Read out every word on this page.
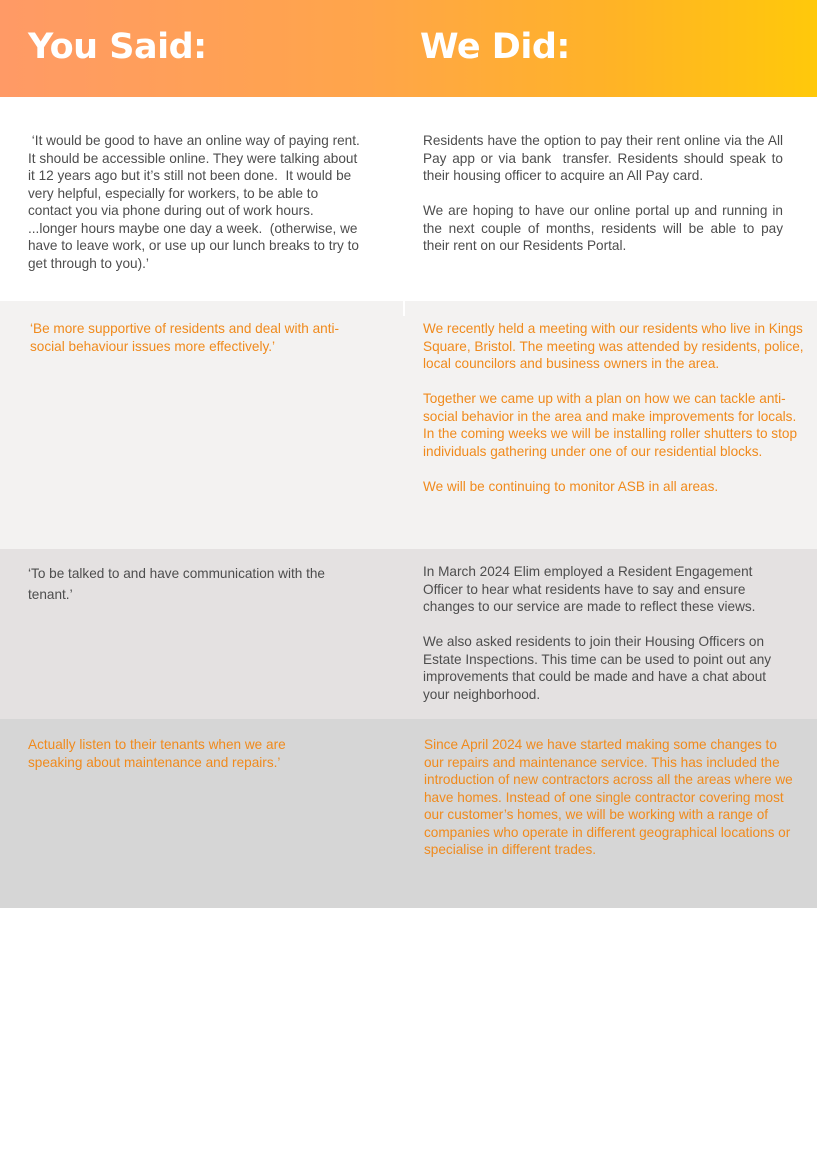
You Said:	We Did:

‘It would be good to have an online way of paying rent.  It should be accessible online. They were talking about it 12 years ago but it’s still not been done.  It would be very helpful, especially for workers, to be able to contact you via phone during out of work hours. ...longer hours maybe one day a week.  (otherwise, we have to leave work, or use up our lunch breaks to try to get through to you).’

Residents have the option to pay their rent online via the All Pay app or via bank  transfer. Residents should speak to their housing officer to acquire an All Pay card.

We are hoping to have our online portal up and running in the next couple of months, residents will be able to pay their rent on our Residents Portal.

‘Be more supportive of residents and deal with anti-social behaviour issues more effectively.’

We recently held a meeting with our residents who live in Kings Square, Bristol. The meeting was attended by residents, police, local councilors and business owners in the area.

Together we came up with a plan on how we can tackle anti-social behavior in the area and make improvements for locals.  In the coming weeks we will be installing roller shutters to stop individuals gathering under one of our residential blocks.

We will be continuing to monitor ASB in all areas.

‘To be talked to and have communication with the tenant.’

In March 2024 Elim employed a Resident Engagement Officer to hear what residents have to say and ensure changes to our service are made to reflect these views.

We also asked residents to join their Housing Officers on Estate Inspections. This time can be used to point out any improvements that could be made and have a chat about your neighborhood.

Actually listen to their tenants when we are speaking about maintenance and repairs.’

Since April 2024 we have started making some changes to our repairs and maintenance service. This has included the introduction of new contractors across all the areas where we have homes. Instead of one single contractor covering most our customer’s homes, we will be working with a range of companies who operate in different geographical locations or specialise in different trades.
